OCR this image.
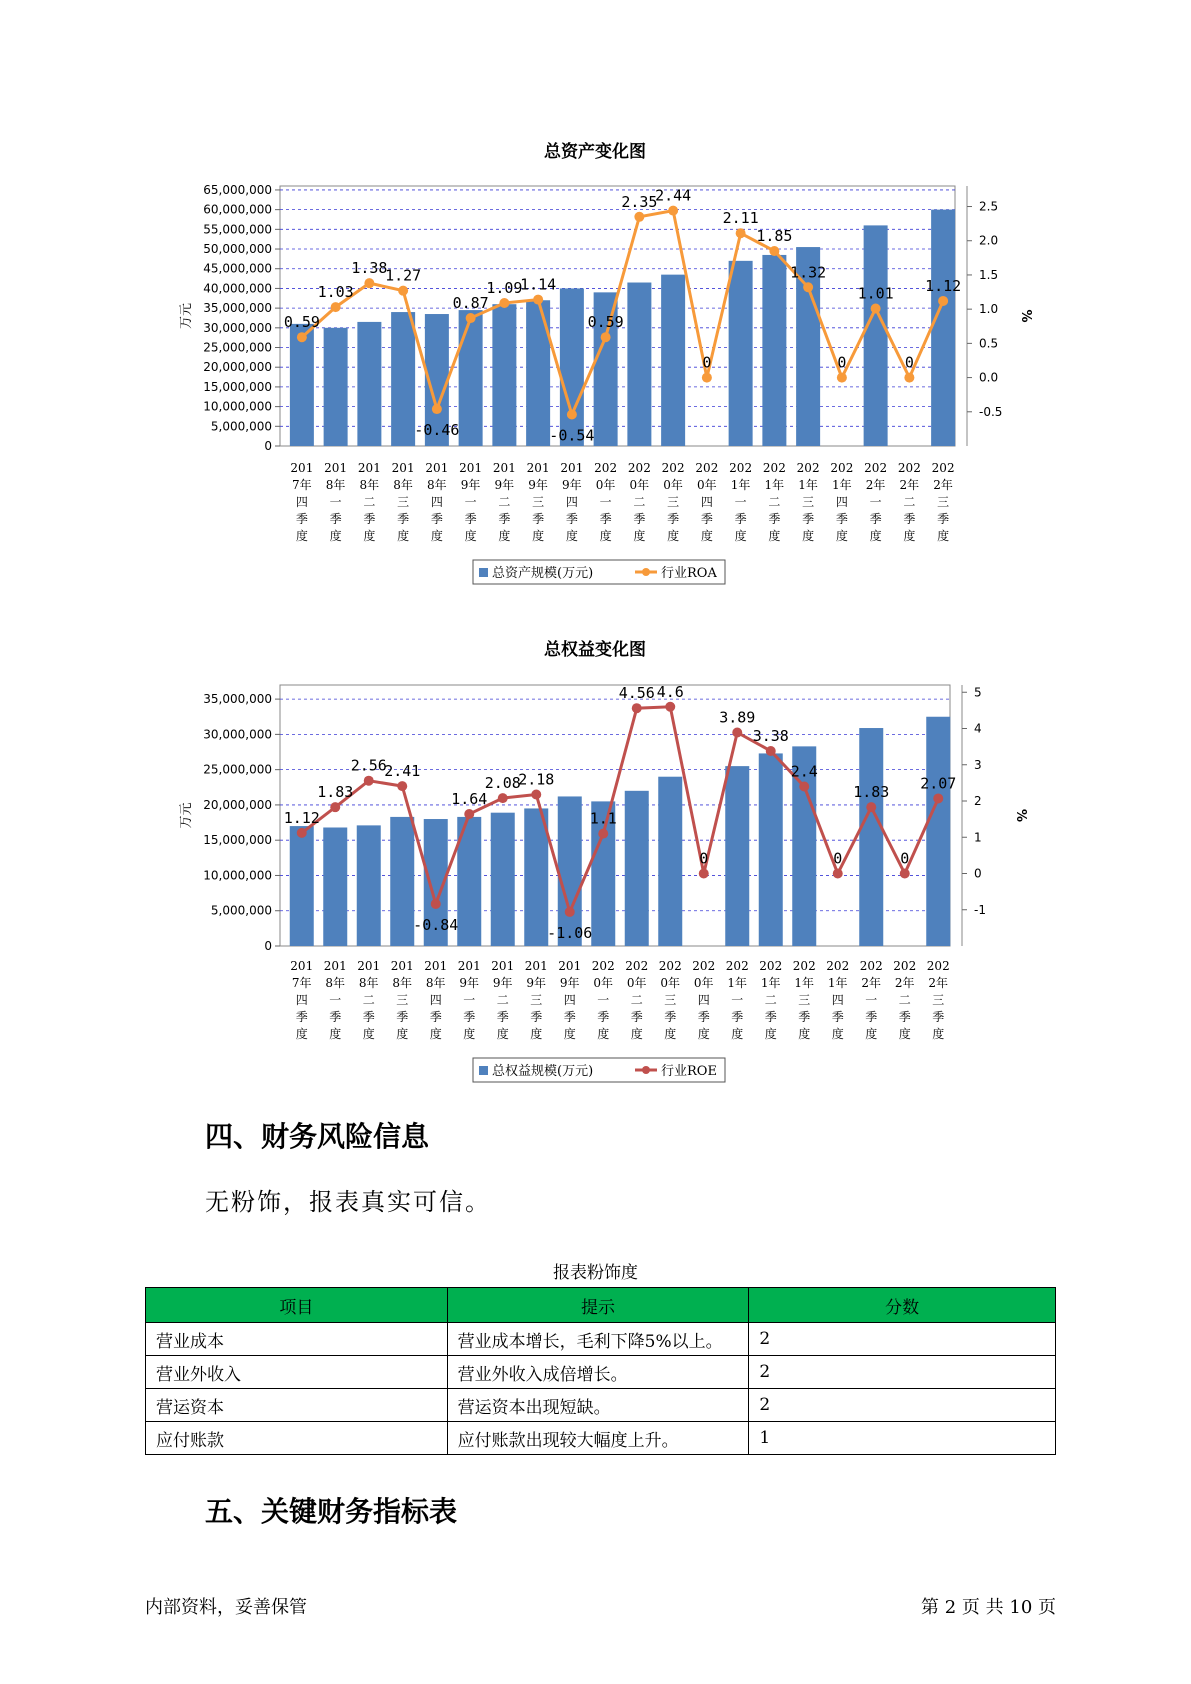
总资产变化图
0
5,000,000
10,000,000
15,000,000
20,000,000
25,000,000
30,000,000
35,000,000
40,000,000
45,000,000
50,000,000
55,000,000
60,000,000
65,000,000
-0.5
0.0
0.5
1.0
1.5
2.0
2.5
万元	%
0.59
1.03
1.38
1.27
-0.46
0.87
1.09
1.14
-0.54
0.59
2.35
2.44
0
2.11
1.85
1.32
0
1.01
0
1.12
201
7年
四
季
度
201
8年
一
季
度
201
8年
二
季
度
201
8年
三
季
度
201
8年
四
季
度
201
9年
一
季
度
201
9年
二
季
度
201
9年
三
季
度
201
9年
四
季
度
202
0年
一
季
度
202
0年
二
季
度
202
0年
三
季
度
202
0年
四
季
度
202
1年
一
季
度
202
1年
二
季
度
202
1年
三
季
度
202
1年
四
季
度
202
2年
一
季
度
202
2年
二
季
度
202
2年
三
季
度
总资产规模(万元)	行业ROA
总权益变化图
0
5,000,000
10,000,000
15,000,000
20,000,000
25,000,000
30,000,000
35,000,000
-1
0
1
2
3
4
5
万元	%
1.12
1.83
2.56
2.41
-0.84
1.64
2.08
2.18
-1.06
1.1
4.56 4.6
0
3.89
3.38
2.4
0
1.83
0
2.07
201
7年
四
季
度
201
8年
一
季
度
201
8年
二
季
度
201
8年
三
季
度
201
8年
四
季
度
201
9年
一
季
度
201
9年
二
季
度
201
9年
三
季
度
201
9年
四
季
度
202
0年
一
季
度
202
0年
二
季
度
202
0年
三
季
度
202
0年
四
季
度
202
1年
一
季
度
202
1年
二
季
度
202
1年
三
季
度
202
1年
四
季
度
202
2年
一
季
度
202
2年
二
季
度
202
2年
三
季
度
总权益规模(万元)	行业ROE
四、财务风险信息
无粉饰，报表真实可信。
报表粉饰度
项目	提示	分数
营业成本	营业成本增长，毛利下降5%以上。	2
营业外收入	营业外收入成倍增长。	2
营运资本	营运资本出现短缺。	2
应付账款	应付账款出现较大幅度上升。	1
五、关键财务指标表
内部资料，妥善保管	第 2 页 共 10 页
